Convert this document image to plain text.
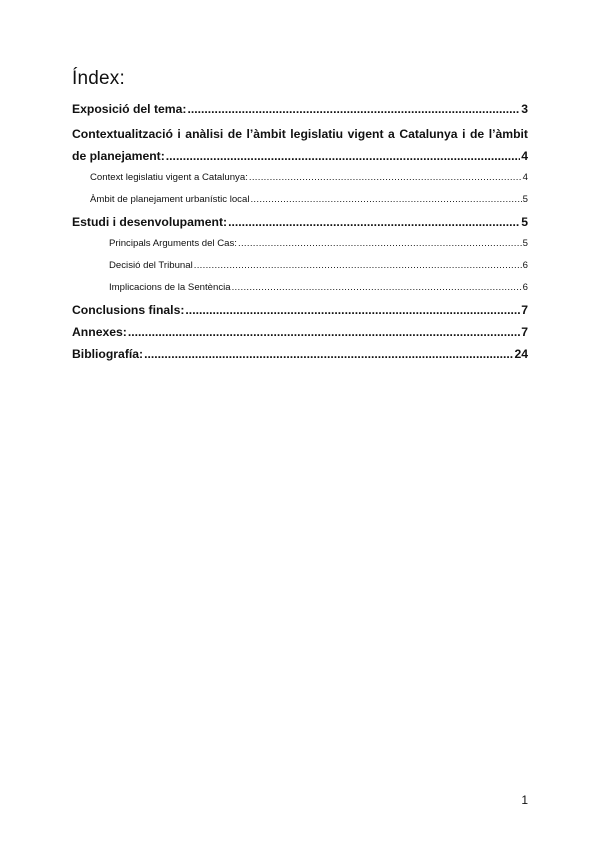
Índex:
Exposició del tema: .....	3
Contextualització i anàlisi de l’àmbit legislatiu vigent a Catalunya i de l’àmbit
de planejament: .....	4
Context legislatiu vigent a Catalunya: .....	4
Àmbit de planejament urbanístic local .....	5
Estudi i desenvolupament: .....	5
Principals Arguments del Cas: .....	5
Decisió del Tribunal .....	6
Implicacions de la Sentència .....	6
Conclusions finals: .....	7
Annexes: .....	7
Bibliografía: .....	24
1
